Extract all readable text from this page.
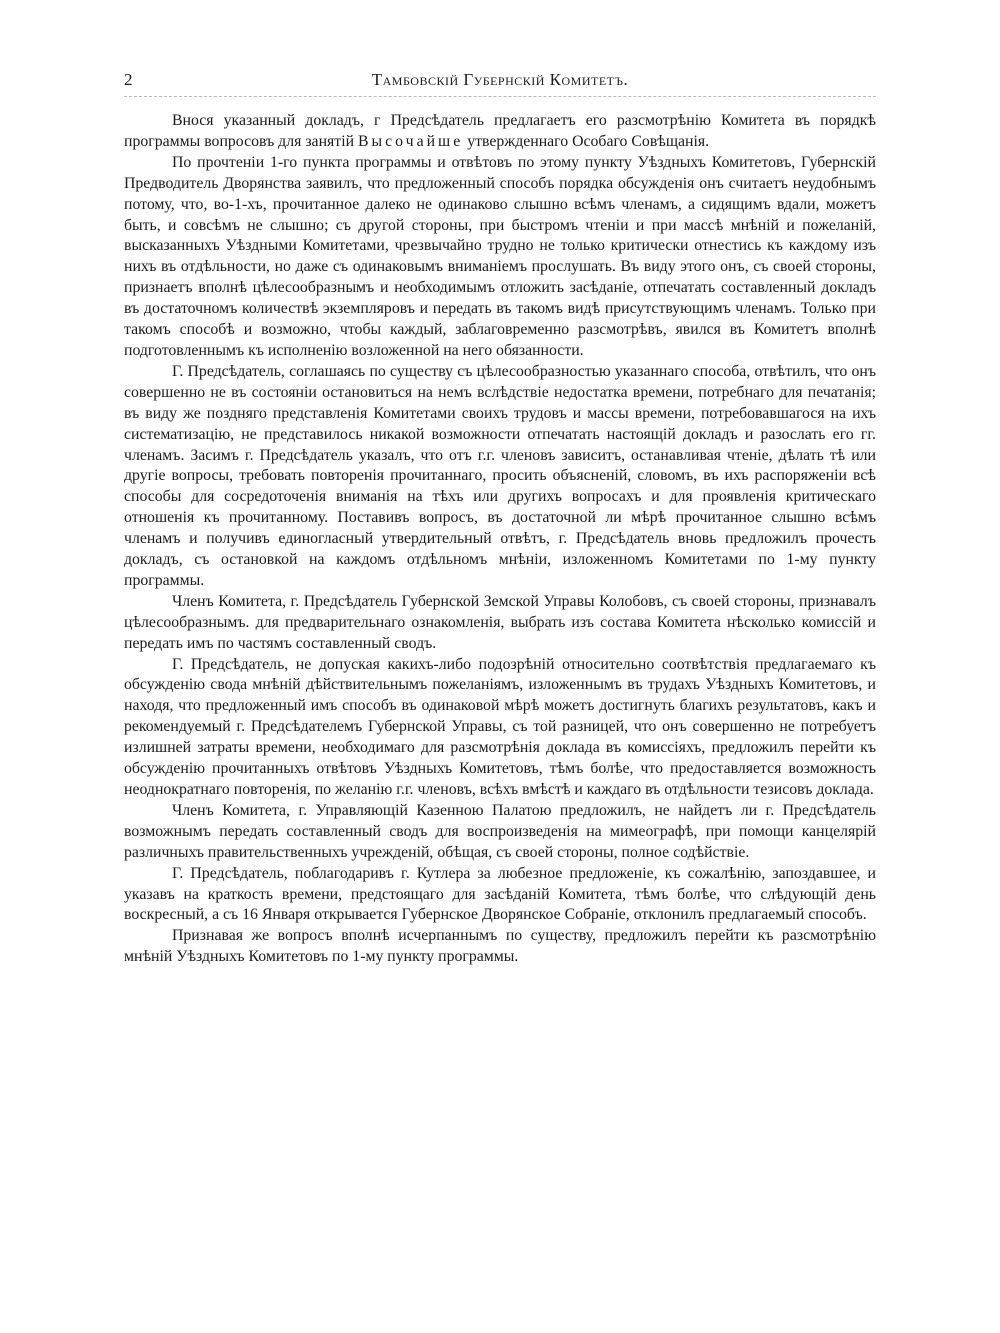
2	Тамбовскій Губернскій Комитетъ.

Внося указанный докладъ, г Предсѣдатель предлагаетъ его разсмотрѣнію Комитета въ порядкѣ программы вопросовъ для занятій Высочайше утвержденнаго Особаго Совѣщанія.

По прочтеніи 1-го пункта программы и отвѣтовъ по этому пункту Уѣздныхъ Комитетовъ, Губернскій Предводитель Дворянства заявилъ, что предложенный способъ порядка обсужденія онъ считаетъ неудобнымъ потому, что, во-1-хъ, прочитанное далеко не одинаково слышно всѣмъ членамъ, а сидящимъ вдали, можетъ быть, и совсѣмъ не слышно; съ другой стороны, при быстромъ чтеніи и при массѣ мнѣній и пожеланій, высказанныхъ Уѣздными Комитетами, чрезвычайно трудно не только критически отнестись къ каждому изъ нихъ въ отдѣльности, но даже съ одинаковымъ вниманіемъ прослушать. Въ виду этого онъ, съ своей стороны, признаетъ вполнѣ цѣлесообразнымъ и необходимымъ отложить засѣданіе, отпечатать составленный докладъ въ достаточномъ количествѣ экземпляровъ и передать въ такомъ видѣ присутствующимъ членамъ. Только при такомъ способѣ и возможно, чтобы каждый, заблаговременно разсмотрѣвъ, явился въ Комитетъ вполнѣ подготовленнымъ къ исполненію возложенной на него обязанности.

Г. Предсѣдатель, соглашаясь по существу съ цѣлесообразностью указаннаго способа, отвѣтилъ, что онъ совершенно не въ состояніи остановиться на немъ вслѣдствіе недостатка времени, потребнаго для печатанія; въ виду же поздняго представленія Комитетами своихъ трудовъ и массы времени, потребовавшагося на ихъ систематизацію, не представилось никакой возможности отпечатать настоящій докладъ и разослать его гг. членамъ. Засимъ г. Предсѣдатель указалъ, что отъ г.г. членовъ зависитъ, останавливая чтеніе, дѣлать тѣ или другіе вопросы, требовать повторенія прочитаннаго, просить объясненій, словомъ, въ ихъ распоряженіи всѣ способы для сосредоточенія вниманія на тѣхъ или другихъ вопросахъ и для проявленія критическаго отношенія къ прочитанному. Поставивъ вопросъ, въ достаточной ли мѣрѣ прочитанное слышно всѣмъ членамъ и получивъ единогласный утвердительный отвѣтъ, г. Предсѣдатель вновь предложилъ прочесть докладъ, съ остановкой на каждомъ отдѣльномъ мнѣніи, изложенномъ Комитетами по 1-му пункту программы.

Членъ Комитета, г. Предсѣдатель Губернской Земской Управы Колобовъ, съ своей стороны, признавалъ цѣлесообразнымъ. для предварительнаго ознакомленія, выбрать изъ состава Комитета нѣсколько комиссій и передать имъ по частямъ составленный сводъ.

Г. Предсѣдатель, не допуская какихъ-либо подозрѣній относительно соотвѣтствія предлагаемаго къ обсужденію свода мнѣній дѣйствительнымъ пожеланіямъ, изложеннымъ въ трудахъ Уѣздныхъ Комитетовъ, и находя, что предложенный имъ способъ въ одинаковой мѣрѣ можетъ достигнуть благихъ результатовъ, какъ и рекомендуемый г. Предсѣдателемъ Губернской Управы, съ той разницей, что онъ совершенно не потребуетъ излишней затраты времени, необходимаго для разсмотрѣнія доклада въ комиссіяхъ, предложилъ перейти къ обсужденію прочитанныхъ отвѣтовъ Уѣздныхъ Комитетовъ, тѣмъ болѣе, что предоставляется возможность неоднократнаго повторенія, по желанію г.г. членовъ, всѣхъ вмѣстѣ и каждаго въ отдѣльности тезисовъ доклада.

Членъ Комитета, г. Управляющій Казенною Палатою предложилъ, не найдетъ ли г. Предсѣдатель возможнымъ передать составленный сводъ для воспроизведенія на мимеографѣ, при помощи канцелярій различныхъ правительственныхъ учрежденій, обѣщая, съ своей стороны, полное содѣйствіе.

Г. Предсѣдатель, поблагодаривъ г. Кутлера за любезное предложеніе, къ сожалѣнію, запоздавшее, и указавъ на краткость времени, предстоящаго для засѣданій Комитета, тѣмъ болѣе, что слѣдующій день воскресный, а съ 16 Января открывается Губернское Дворянское Собраніе, отклонилъ предлагаемый способъ.

Признавая же вопросъ вполнѣ исчерпаннымъ по существу, предложилъ перейти къ разсмотрѣнію мнѣній Уѣздныхъ Комитетовъ по 1-му пункту программы.
